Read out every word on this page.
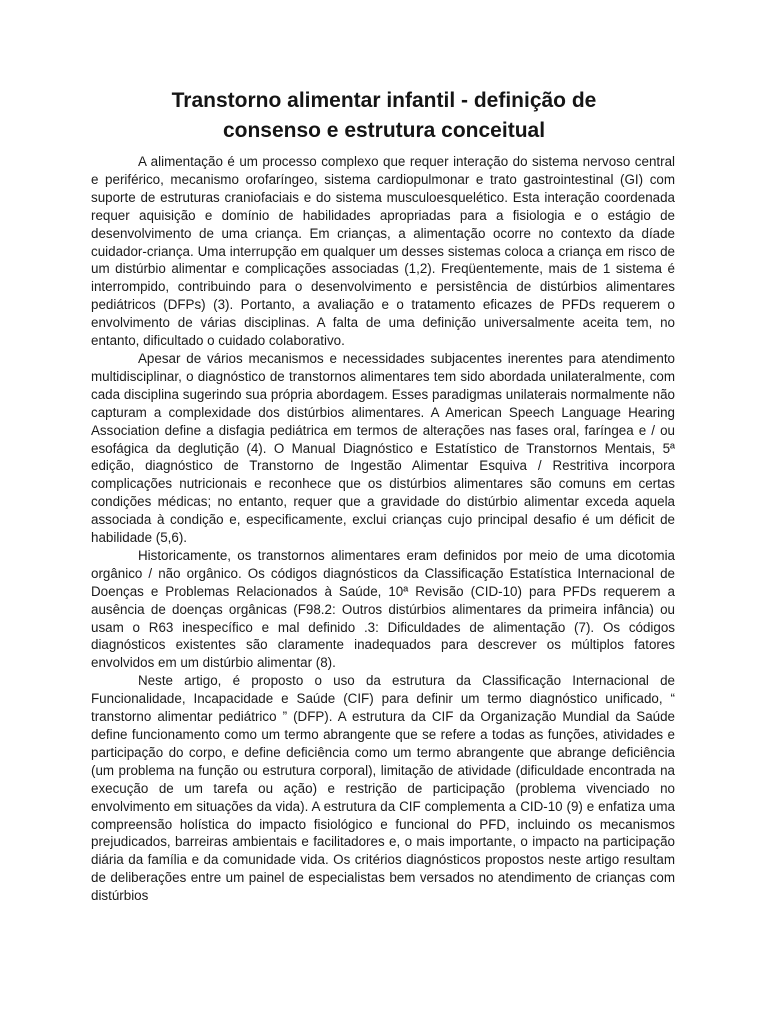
Transtorno alimentar infantil - definição de
consenso e estrutura conceitual

A alimentação é um processo complexo que requer interação do sistema nervoso central e periférico, mecanismo orofaríngeo, sistema cardiopulmonar e trato gastrointestinal (GI) com suporte de estruturas craniofaciais e do sistema musculoesquelético. Esta interação coordenada requer aquisição e domínio de habilidades apropriadas para a fisiologia e o estágio de desenvolvimento de uma criança. Em crianças, a alimentação ocorre no contexto da díade cuidador-criança. Uma interrupção em qualquer um desses sistemas coloca a criança em risco de um distúrbio alimentar e complicações associadas (1,2). Freqüentemente, mais de 1 sistema é interrompido, contribuindo para o desenvolvimento e persistência de distúrbios alimentares pediátricos (DFPs) (3). Portanto, a avaliação e o tratamento eficazes de PFDs requerem o envolvimento de várias disciplinas. A falta de uma definição universalmente aceita tem, no entanto, dificultado o cuidado colaborativo.

Apesar de vários mecanismos e necessidades subjacentes inerentes para atendimento multidisciplinar, o diagnóstico de transtornos alimentares tem sido abordada unilateralmente, com cada disciplina sugerindo sua própria abordagem. Esses paradigmas unilaterais normalmente não capturam a complexidade dos distúrbios alimentares. A American Speech Language Hearing Association define a disfagia pediátrica em termos de alterações nas fases oral, faríngea e / ou esofágica da deglutição (4). O Manual Diagnóstico e Estatístico de Transtornos Mentais, 5ª edição, diagnóstico de Transtorno de Ingestão Alimentar Esquiva / Restritiva incorpora complicações nutricionais e reconhece que os distúrbios alimentares são comuns em certas condições médicas; no entanto, requer que a gravidade do distúrbio alimentar exceda aquela associada à condição e, especificamente, exclui crianças cujo principal desafio é um déficit de habilidade (5,6).

Historicamente, os transtornos alimentares eram definidos por meio de uma dicotomia orgânico / não orgânico. Os códigos diagnósticos da Classificação Estatística Internacional de Doenças e Problemas Relacionados à Saúde, 10ª Revisão (CID-10) para PFDs requerem a ausência de doenças orgânicas (F98.2: Outros distúrbios alimentares da primeira infância) ou usam o R63 inespecífico e mal definido .3: Dificuldades de alimentação (7). Os códigos diagnósticos existentes são claramente inadequados para descrever os múltiplos fatores envolvidos em um distúrbio alimentar (8).

Neste artigo, é proposto o uso da estrutura da Classificação Internacional de Funcionalidade, Incapacidade e Saúde (CIF) para definir um termo diagnóstico unificado, “ transtorno alimentar pediátrico ” (DFP). A estrutura da CIF da Organização Mundial da Saúde define funcionamento como um termo abrangente que se refere a todas as funções, atividades e participação do corpo, e define deficiência como um termo abrangente que abrange deficiência (um problema na função ou estrutura corporal), limitação de atividade (dificuldade encontrada na execução de um tarefa ou ação) e restrição de participação (problema vivenciado no envolvimento em situações da vida). A estrutura da CIF complementa a CID-10 (9) e enfatiza uma compreensão holística do impacto fisiológico e funcional do PFD, incluindo os mecanismos prejudicados, barreiras ambientais e facilitadores e, o mais importante, o impacto na participação diária da família e da comunidade vida. Os critérios diagnósticos propostos neste artigo resultam de deliberações entre um painel de especialistas bem versados no atendimento de crianças com distúrbios
